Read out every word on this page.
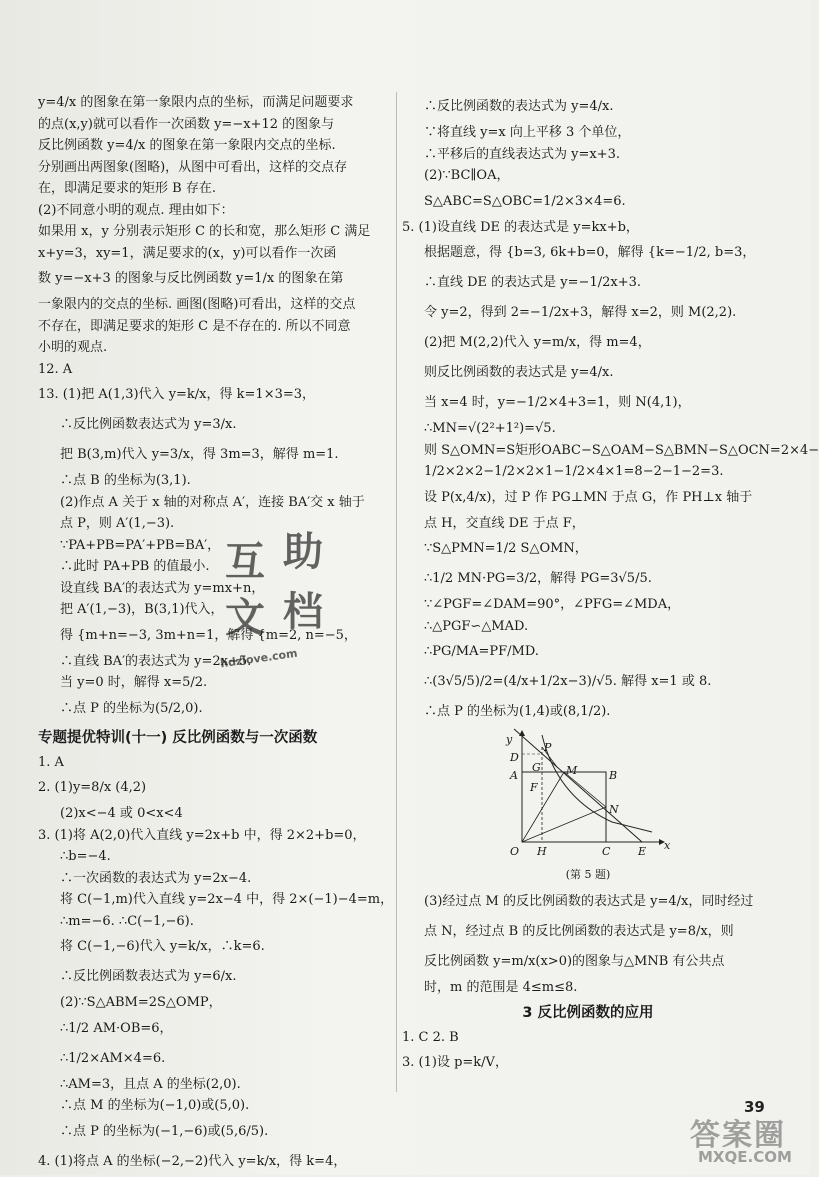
y=4/x 的图象在第一象限内点的坐标，而满足问题要求
的点(x,y)就可以看作一次函数 y=−x+12 的图象与
反比例函数 y=4/x 的图象在第一象限内交点的坐标.
分别画出两图象(图略)，从图中可看出，这样的交点存
在，即满足要求的矩形 B 存在.
(2)不同意小明的观点. 理由如下：
如果用 x，y 分别表示矩形 C 的长和宽，那么矩形 C 满足
x+y=3，xy=1，满足要求的(x，y)可以看作一次函
数 y=−x+3 的图象与反比例函数 y=1/x 的图象在第
一象限内的交点的坐标. 画图(图略)可看出，这样的交点
不存在，即满足要求的矩形 C 是不存在的. 所以不同意
小明的观点.
12. A
13. (1)把 A(1,3)代入 y=k/x，得 k=1×3=3，
∴反比例函数表达式为 y=3/x.
把 B(3,m)代入 y=3/x，得 3m=3，解得 m=1.
∴点 B 的坐标为(3,1).
(2)作点 A 关于 x 轴的对称点 A′，连接 BA′交 x 轴于
点 P，则 A′(1,−3).
∵PA+PB=PA′+PB=BA′，
∴此时 PA+PB 的值最小.
设直线 BA′的表达式为 y=mx+n，
把 A′(1,−3)，B(3,1)代入，
得 {m+n=−3, 3m+n=1，解得 {m=2, n=−5，
∴直线 BA′的表达式为 y=2x−5.
当 y=0 时，解得 x=5/2.
∴点 P 的坐标为(5/2,0).
专题提优特训(十一) 反比例函数与一次函数
1. A
2. (1)y=8/x (4,2)
(2)x<−4 或 0<x<4
3. (1)将 A(2,0)代入直线 y=2x+b 中，得 2×2+b=0，
∴b=−4.
∴一次函数的表达式为 y=2x−4.
将 C(−1,m)代入直线 y=2x−4 中，得 2×(−1)−4=m，
∴m=−6. ∴C(−1,−6).
将 C(−1,−6)代入 y=k/x，∴k=6.
∴反比例函数表达式为 y=6/x.
(2)∵S△ABM=2S△OMP，
∴1/2 AM·OB=6，
∴1/2×AM×4=6.
∴AM=3，且点 A 的坐标(2,0).
∴点 M 的坐标为(−1,0)或(5,0).
∴点 P 的坐标为(−1,−6)或(5,6/5).
4. (1)将点 A 的坐标(−2,−2)代入 y=k/x，得 k=4，
∴反比例函数的表达式为 y=4/x.
∵将直线 y=x 向上平移 3 个单位，
∴平移后的直线表达式为 y=x+3.
(2)∵BC∥OA，
S△ABC=S△OBC=1/2×3×4=6.
5. (1)设直线 DE 的表达式是 y=kx+b，
根据题意，得 {b=3, 6k+b=0，解得 {k=−1/2, b=3，
∴直线 DE 的表达式是 y=−1/2x+3.
令 y=2，得到 2=−1/2x+3，解得 x=2，则 M(2,2).
(2)把 M(2,2)代入 y=m/x，得 m=4，
则反比例函数的表达式是 y=4/x.
当 x=4 时，y=−1/2×4+3=1，则 N(4,1)，
∴MN=√(2²+1²)=√5.
则 S△OMN=S矩形OABC−S△OAM−S△BMN−S△OCN=2×4−
1/2×2×2−1/2×2×1−1/2×4×1=8−2−1−2=3.
设 P(x,4/x)，过 P 作 PG⊥MN 于点 G，作 PH⊥x 轴于
点 H，交直线 DE 于点 F，
∵S△PMN=1/2 S△OMN，
∴1/2 MN·PG=3/2，解得 PG=3√5/5.
∵∠PGF=∠DAM=90°，∠PFG=∠MDA，
∴△PGF∽△MAD.
∴PG/MA=PF/MD.
∴(3√5/5)/2=(4/x+1/2x−3)/√5. 解得 x=1 或 8.
∴点 P 的坐标为(1,4)或(8,1/2).
y
x
O
D
A
G
P
M	B
F
N
H	C	E
(第 5 题)
(3)经过点 M 的反比例函数的表达式是 y=4/x，同时经过
点 N，经过点 B 的反比例函数的表达式是 y=8/x，则
反比例函数 y=m/x(x>0)的图象与△MNB 有公共点
时，m 的范围是 4≤m≤8.
3 反比例函数的应用
1. C 2. B
3. (1)设 p=k/V，
互 助
文 档
hdzlove.com
39
答案圈
MXQE.COM
